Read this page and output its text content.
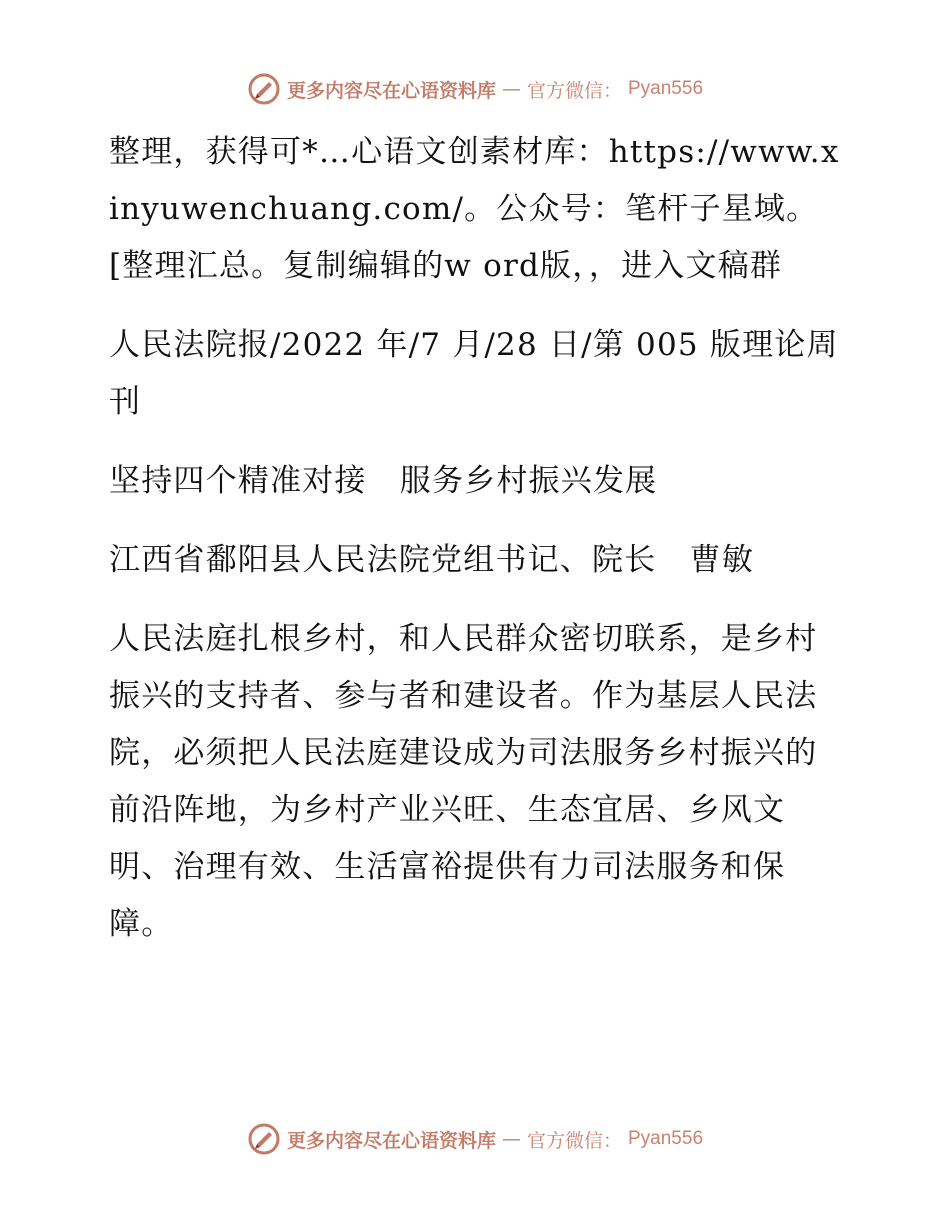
更多内容尽在心语资料库 — 官方微信： Pyan556

整理，获得可*…心语文创素材库：https://www.xinyuwenchuang.com/。公众号：笔杆子星域。[整理汇总。复制编辑的w ord版，，进入文稿群

人民法院报/2022 年/7 月/28 日/第 005 版理论周刊

坚持四个精准对接   服务乡村振兴发展

江西省鄱阳县人民法院党组书记、院长   曹敏

人民法庭扎根乡村，和人民群众密切联系，是乡村振兴的支持者、参与者和建设者。作为基层人民法院，必须把人民法庭建设成为司法服务乡村振兴的前沿阵地，为乡村产业兴旺、生态宜居、乡风文明、治理有效、生活富裕提供有力司法服务和保障。

更多内容尽在心语资料库 — 官方微信： Pyan556
